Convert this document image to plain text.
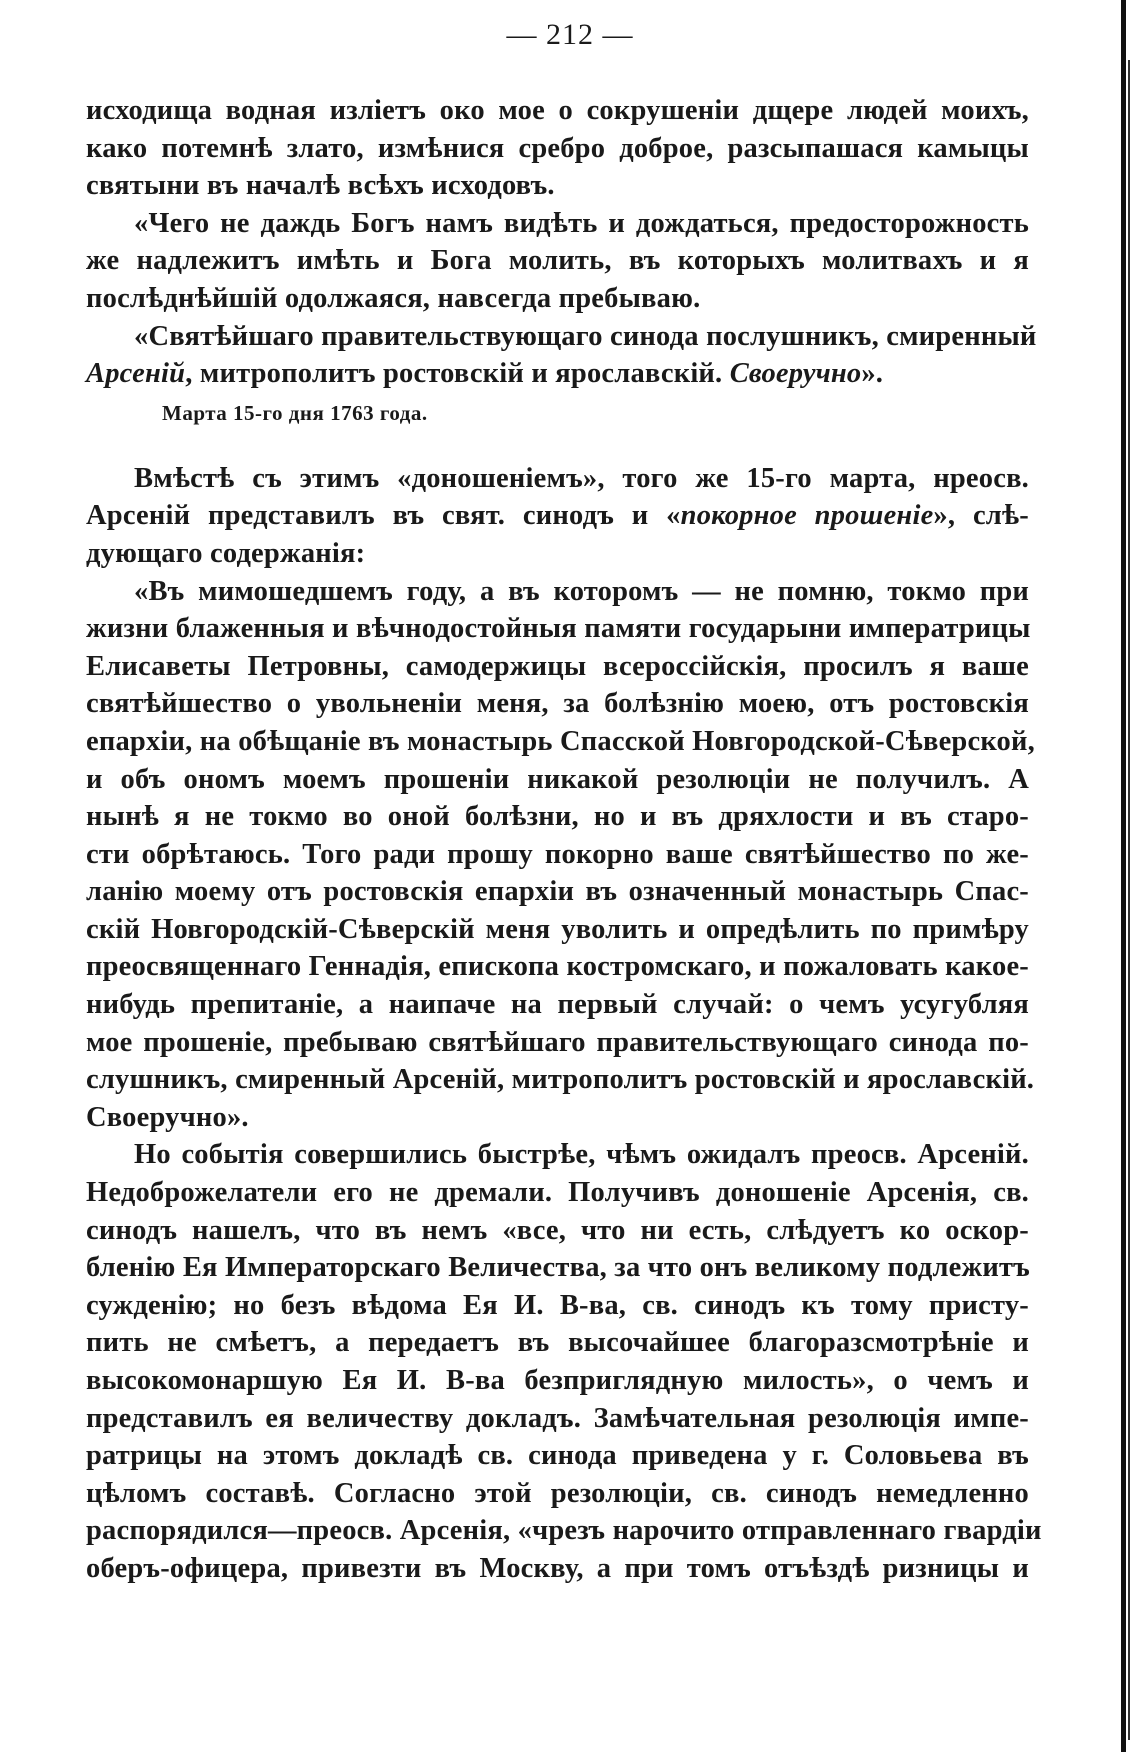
— 212 —
исходища водная изліетъ око мое о сокрушеніи дщере людей моихъ,
како потемнѣ злато, измѣнися сребро доброе, разсыпашася камыцы
святыни въ началѣ всѣхъ исходовъ.
«Чего не даждь Богъ намъ видѣть и дождаться, предосторожность
же надлежитъ имѣть и Бога молить, въ которыхъ молитвахъ и я
послѣднѣйшій одолжаяся, навсегда пребываю.
«Святѣйшаго правительствующаго синода послушникъ, смиренный
Арсеній, митрополитъ ростовскій и ярославскій. Своеручно».
Марта 15-го дня 1763 года.
Вмѣстѣ съ этимъ «доношеніемъ», того же 15-го марта, нреосв.
Арсеній представилъ въ свят. синодъ и «покорное прошеніе», слѣ-
дующаго содержанія:
«Въ мимошедшемъ году, а въ которомъ — не помню, токмо при
жизни блаженныя и вѣчнодостойныя памяти государыни императрицы
Елисаветы Петровны, самодержицы всероссійскія, просилъ я ваше
святѣйшество о увольненіи меня, за болѣзнію моею, отъ ростовскія
епархіи, на обѣщаніе въ монастырь Спасской Новгородской-Сѣверской,
и объ ономъ моемъ прошеніи никакой резолюціи не получилъ. А
нынѣ я не токмо во оной болѣзни, но и въ дряхлости и въ старо-
сти обрѣтаюсь. Того ради прошу покорно ваше святѣйшество по же-
ланію моему отъ ростовскія епархіи въ означенный монастырь Спас-
скій Новгородскій-Сѣверскій меня уволить и опредѣлить по примѣру
преосвященнаго Геннадія, епископа костромскаго, и пожаловать какое-
нибудь препитаніе, а наипаче на первый случай: о чемъ усугубляя
мое прошеніе, пребываю святѣйшаго правительствующаго синода по-
слушникъ, смиренный Арсеній, митрополитъ ростовскій и ярославскій.
Своеручно».
Но событія совершились быстрѣе, чѣмъ ожидалъ преосв. Арсеній.
Недоброжелатели его не дремали. Получивъ доношеніе Арсенія, св.
синодъ нашелъ, что въ немъ «все, что ни есть, слѣдуетъ ко оскор-
бленію Ея Императорскаго Величества, за что онъ великому подлежитъ
сужденію; но безъ вѣдома Ея И. В-ва, св. синодъ къ тому присту-
пить не смѣетъ, а передаетъ въ высочайшее благоразсмотрѣніе и
высокомонаршую Ея И. В-ва безприглядную милость», о чемъ и
представилъ ея величеству докладъ. Замѣчательная резолюція импе-
ратрицы на этомъ докладѣ св. синода приведена у г. Соловьева въ
цѣломъ составѣ. Согласно этой резолюціи, св. синодъ немедленно
распорядился—преосв. Арсенія, «чрезъ нарочито отправленнаго гвардіи
оберъ-офицера, привезти въ Москву, а при томъ отъѣздѣ ризницы и
